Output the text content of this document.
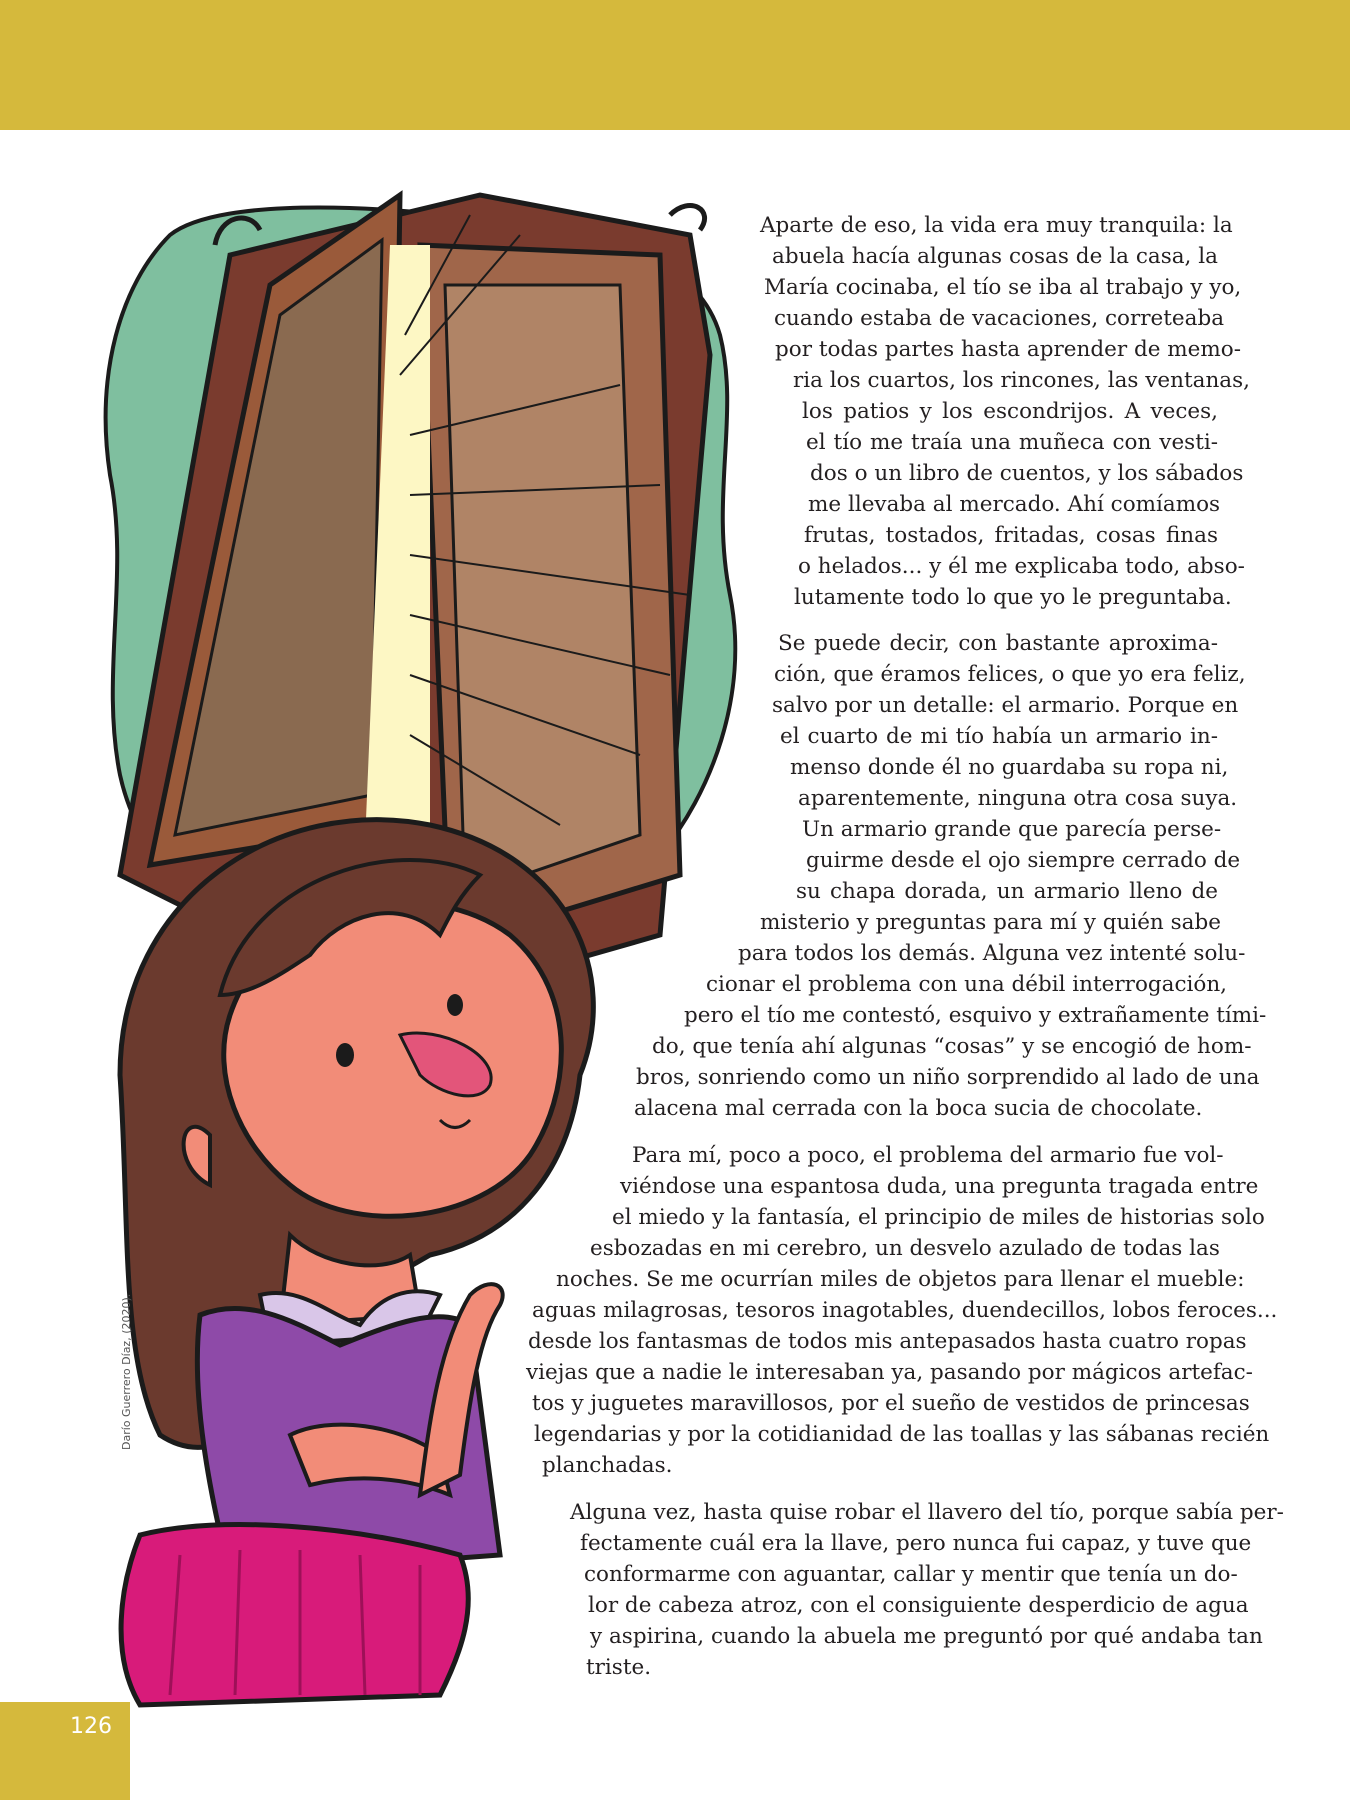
Darío Guerrero Díaz, (2020).
Aparte de eso, la vida era muy tranquila: la
abuela hacía algunas cosas de la casa, la
María cocinaba, el tío se iba al trabajo y yo,
cuando estaba de vacaciones, correteaba
por todas partes hasta aprender de memo-
ria los cuartos, los rincones, las ventanas,
los patios y los escondrijos. A veces,
el tío me traía una muñeca con vesti-
dos o un libro de cuentos, y los sábados
me llevaba al mercado. Ahí comíamos
frutas, tostados, fritadas, cosas finas
o helados... y él me explicaba todo, abso-
lutamente todo lo que yo le preguntaba.
Se puede decir, con bastante aproxima-
ción, que éramos felices, o que yo era feliz,
salvo por un detalle: el armario. Porque en
el cuarto de mi tío había un armario in-
menso donde él no guardaba su ropa ni,
aparentemente, ninguna otra cosa suya.
Un armario grande que parecía perse-
guirme desde el ojo siempre cerrado de
su chapa dorada, un armario lleno de
misterio y preguntas para mí y quién sabe
para todos los demás. Alguna vez intenté solu-
cionar el problema con una débil interrogación,
pero el tío me contestó, esquivo y extrañamente tími-
do, que tenía ahí algunas “cosas” y se encogió de hom-
bros, sonriendo como un niño sorprendido al lado de una
alacena mal cerrada con la boca sucia de chocolate.
Para mí, poco a poco, el problema del armario fue vol-
viéndose una espantosa duda, una pregunta tragada entre
el miedo y la fantasía, el principio de miles de historias solo
esbozadas en mi cerebro, un desvelo azulado de todas las
noches. Se me ocurrían miles de objetos para llenar el mueble:
aguas milagrosas, tesoros inagotables, duendecillos, lobos feroces...
desde los fantasmas de todos mis antepasados hasta cuatro ropas
viejas que a nadie le interesaban ya, pasando por mágicos artefac-
tos y juguetes maravillosos, por el sueño de vestidos de princesas
legendarias y por la cotidianidad de las toallas y las sábanas recién
planchadas.
Alguna vez, hasta quise robar el llavero del tío, porque sabía per-
fectamente cuál era la llave, pero nunca fui capaz, y tuve que
conformarme con aguantar, callar y mentir que tenía un do-
lor de cabeza atroz, con el consiguiente desperdicio de agua
y aspirina, cuando la abuela me preguntó por qué andaba tan
triste.
126
